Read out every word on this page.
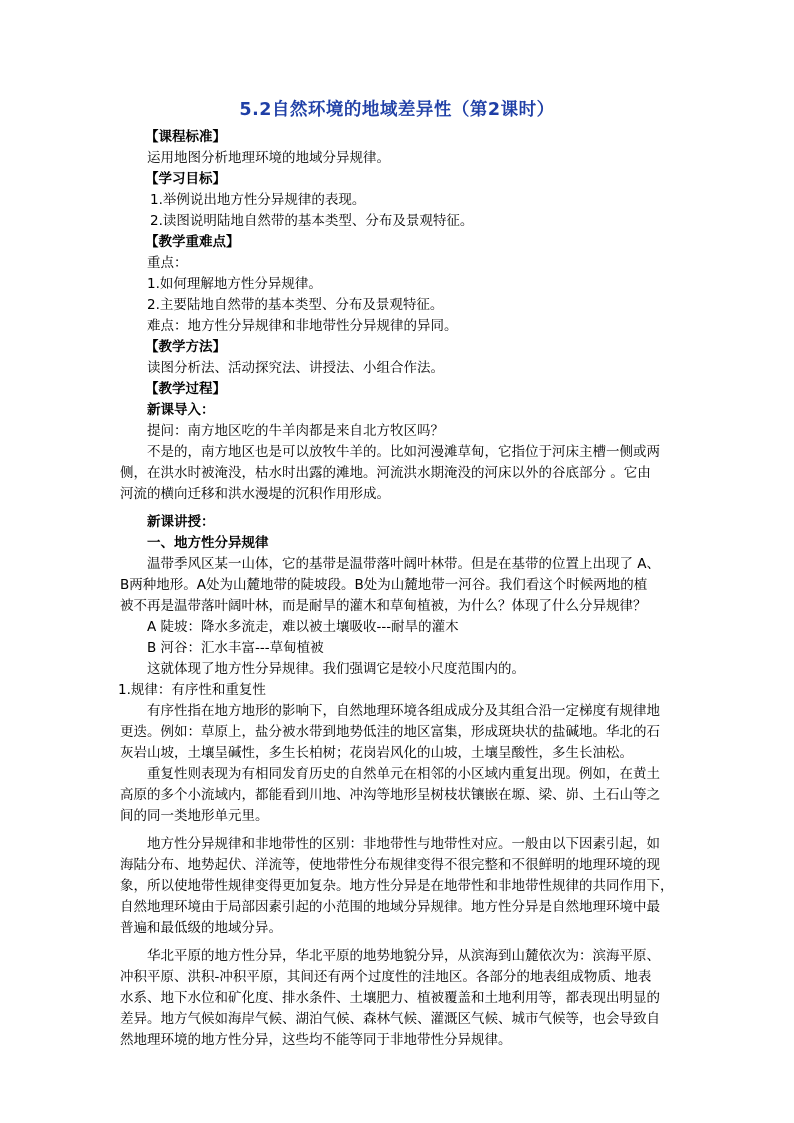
5.2自然环境的地域差异性（第2课时）
【课程标准】
运用地图分析地理环境的地域分异规律。
【学习目标】
1.举例说出地方性分异规律的表现。
2.读图说明陆地自然带的基本类型、分布及景观特征。
【教学重难点】
重点：
1.如何理解地方性分异规律。
2.主要陆地自然带的基本类型、分布及景观特征。
难点：地方性分异规律和非地带性分异规律的异同。
【教学方法】
读图分析法、活动探究法、讲授法、小组合作法。
【教学过程】
新课导入：
提问：南方地区吃的牛羊肉都是来自北方牧区吗？
不是的，南方地区也是可以放牧牛羊的。比如河漫滩草甸，它指位于河床主槽一侧或两
侧，在洪水时被淹没，枯水时出露的滩地。河流洪水期淹没的河床以外的谷底部分 。它由
河流的横向迁移和洪水漫堤的沉积作用形成。
新课讲授：
一、地方性分异规律
温带季风区某一山体，它的基带是温带落叶阔叶林带。但是在基带的位置上出现了 A、
B两种地形。A处为山麓地带的陡坡段。B处为山麓地带一河谷。我们看这个时候两地的植
被不再是温带落叶阔叶林，而是耐旱的灌木和草甸植被，为什么？体现了什么分异规律？
A 陡坡：降水多流走，难以被土壤吸收---耐旱的灌木
B 河谷：汇水丰富---草甸植被
这就体现了地方性分异规律。我们强调它是较小尺度范围内的。
1.规律：有序性和重复性
有序性指在地方地形的影响下，自然地理环境各组成成分及其组合沿一定梯度有规律地
更迭。例如：草原上，盐分被水带到地势低洼的地区富集，形成斑块状的盐碱地。华北的石
灰岩山坡，土壤呈碱性，多生长柏树；花岗岩风化的山坡，土壤呈酸性，多生长油松。
重复性则表现为有相同发育历史的自然单元在相邻的小区域内重复出现。例如，在黄土
高原的多个小流域内，都能看到川地、冲沟等地形呈树枝状镶嵌在塬、梁、峁、土石山等之
间的同一类地形单元里。
地方性分异规律和非地带性的区别：非地带性与地带性对应。一般由以下因素引起，如
海陆分布、地势起伏、洋流等，使地带性分布规律变得不很完整和不很鲜明的地理环境的现
象，所以使地带性规律变得更加复杂。地方性分异是在地带性和非地带性规律的共同作用下，
自然地理环境由于局部因素引起的小范围的地域分异规律。地方性分异是自然地理环境中最
普遍和最低级的地域分异。
华北平原的地方性分异，华北平原的地势地貌分异，从滨海到山麓依次为：滨海平原、
冲积平原、洪积-冲积平原，其间还有两个过度性的洼地区。各部分的地表组成物质、地表
水系、地下水位和矿化度、排水条件、土壤肥力、植被覆盖和土地利用等，都表现出明显的
差异。地方气候如海岸气候、湖泊气候、森林气候、灌溉区气候、城市气候等，也会导致自
然地理环境的地方性分异，这些均不能等同于非地带性分异规律。
